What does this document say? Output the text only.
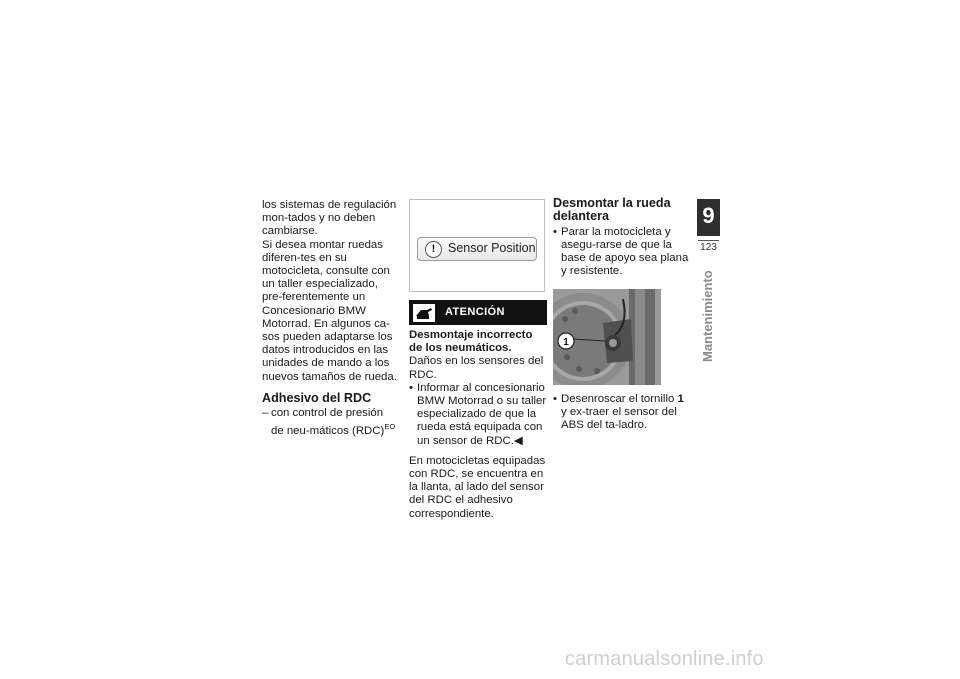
los sistemas de regulación mon-tados y no deben cambiarse.

Si desea montar ruedas diferen-tes en su motocicleta, consulte con un taller especializado, pre-ferentemente un Concesionario BMW Motorrad. En algunos ca-sos pueden adaptarse los datos introducidos en las unidades de mando a los nuevos tamaños de rueda.

Adhesivo del RDC
– con control de presión de neu-máticos (RDC)$^{EO}$
!	Sensor Position
ATENCIÓN

Desmontaje incorrecto de los neumáticos.

Daños en los sensores del RDC.

• Informar al concesionario BMW Motorrad o su taller especializado de que la rueda está equipada con un sensor de RDC.◀

En motocicletas equipadas con RDC, se encuentra en la llanta, al lado del sensor del RDC el adhesivo correspondiente.

Desmontar la rueda delantera
• Parar la motocicleta y asegu-rarse de que la base de apoyo sea plana y resistente.
1
• Desenroscar el tornillo 1 y ex-traer el sensor del ABS del ta-ladro.
9
123
Mantenimiento
carmanualsonline.info
